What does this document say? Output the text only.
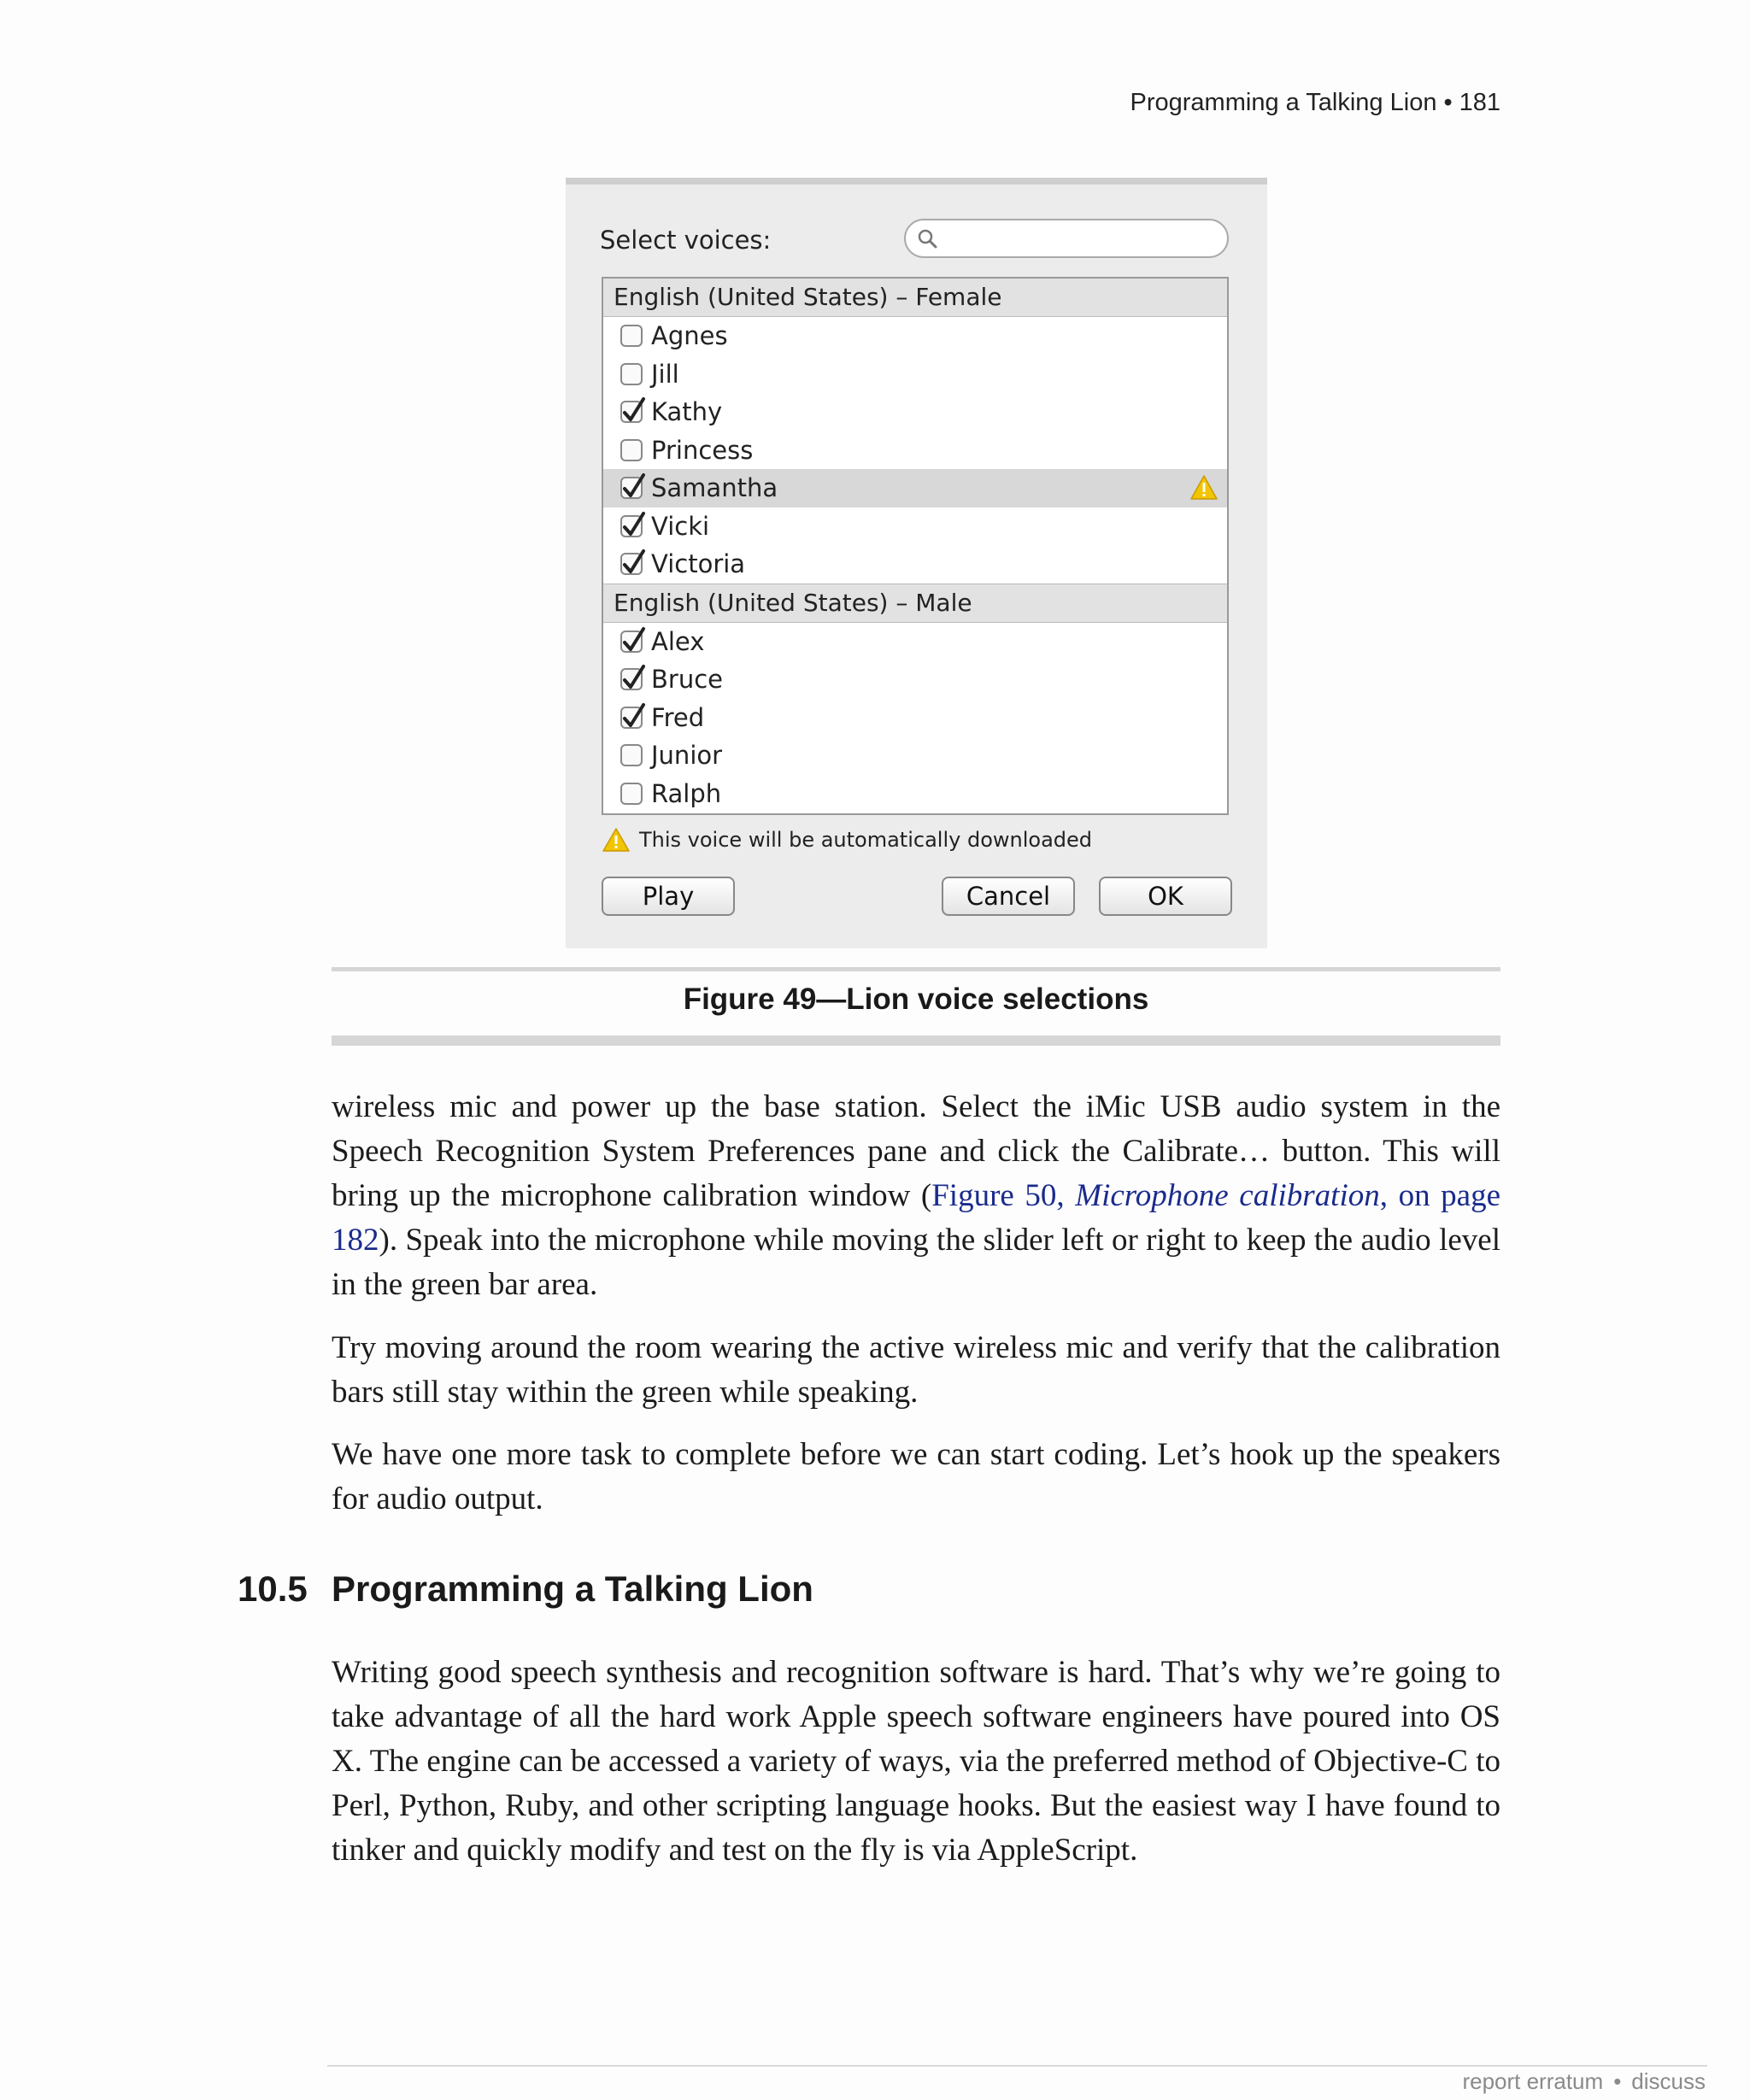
Programming a Talking Lion • 181
Select voices:
English (United States) – Female
Agnes
Jill
Kathy
Princess
Samantha
Vicki
Victoria
English (United States) – Male
Alex
Bruce
Fred
Junior
Ralph
This voice will be automatically downloaded
Play	Cancel	OK
Figure 49—Lion voice selections

wireless mic and power up the base station. Select the iMic USB audio system in the Speech Recognition System Preferences pane and click the Calibrate… button. This will bring up the microphone calibration window (Figure 50, Microphone calibration, on page 182). Speak into the microphone while moving the slider left or right to keep the audio level in the green bar area.

Try moving around the room wearing the active wireless mic and verify that the calibration bars still stay within the green while speaking.

We have one more task to complete before we can start coding. Let’s hook up the speakers for audio output.

10.5 Programming a Talking Lion

Writing good speech synthesis and recognition software is hard. That’s why we’re going to take advantage of all the hard work Apple speech software engineers have poured into OS X. The engine can be accessed a variety of ways, via the preferred method of Objective-C to Perl, Python, Ruby, and other scripting language hooks. But the easiest way I have found to tinker and quickly modify and test on the fly is via AppleScript.

report erratum • discuss
